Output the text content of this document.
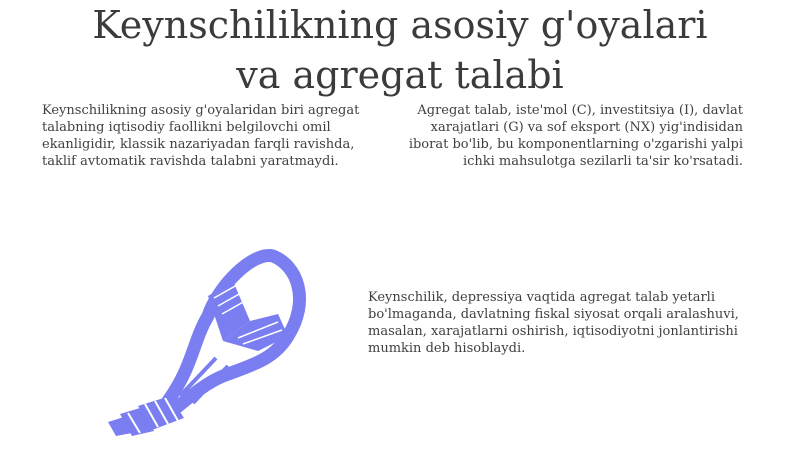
Keynschilikning asosiy g'oyalari
va agregat talabi
Keynschilikning asosiy g'oyalaridan biri agregat talabning iqtisodiy faollikni belgilovchi omil ekanligidir, klassik nazariyadan farqli ravishda, taklif avtomatik ravishda talabni yaratmaydi.
Agregat talab, iste'mol (C), investitsiya (I), davlat xarajatlari (G) va sof eksport (NX) yig'indisidan iborat bo'lib, bu komponentlarning o'zgarishi yalpi ichki mahsulotga sezilarli ta'sir ko'rsatadi.
Keynschilik, depressiya vaqtida agregat talab yetarli bo'lmaganda, davlatning fiskal siyosat orqali aralashuvi, masalan, xarajatlarni oshirish, iqtisodiyotni jonlantirishi mumkin deb hisoblaydi.
